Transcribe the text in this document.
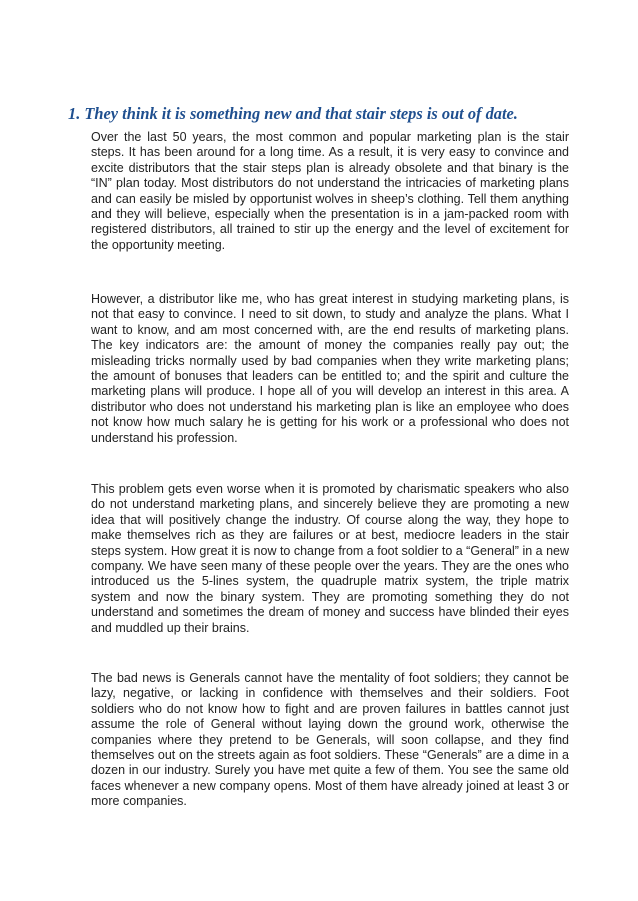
1. They think it is something new and that stair steps is out of date.

Over the last 50 years, the most common and popular marketing plan is the stair steps. It has been around for a long time. As a result, it is very easy to convince and excite distributors that the stair steps plan is already obsolete and that binary is the “IN” plan today. Most distributors do not understand the intricacies of marketing plans and can easily be misled by opportunist wolves in sheep’s clothing. Tell them anything and they will believe, especially when the presentation is in a jam-packed room with registered distributors, all trained to stir up the energy and the level of excitement for the opportunity meeting.

However, a distributor like me, who has great interest in studying marketing plans, is not that easy to convince. I need to sit down, to study and analyze the plans. What I want to know, and am most concerned with, are the end results of marketing plans. The key indicators are: the amount of money the companies really pay out; the misleading tricks normally used by bad companies when they write marketing plans; the amount of bonuses that leaders can be entitled to; and the spirit and culture the marketing plans will produce. I hope all of you will develop an interest in this area. A distributor who does not understand his marketing plan is like an employee who does not know how much salary he is getting for his work or a professional who does not understand his profession.

This problem gets even worse when it is promoted by charismatic speakers who also do not understand marketing plans, and sincerely believe they are promoting a new idea that will positively change the industry. Of course along the way, they hope to make themselves rich as they are failures or at best, mediocre leaders in the stair steps system. How great it is now to change from a foot soldier to a “General” in a new company. We have seen many of these people over the years. They are the ones who introduced us the 5-lines system, the quadruple matrix system, the triple matrix system and now the binary system. They are promoting something they do not understand and sometimes the dream of money and success have blinded their eyes and muddled up their brains.

The bad news is Generals cannot have the mentality of foot soldiers; they cannot be lazy, negative, or lacking in confidence with themselves and their soldiers. Foot soldiers who do not know how to fight and are proven failures in battles cannot just assume the role of General without laying down the ground work, otherwise the companies where they pretend to be Generals, will soon collapse, and they find themselves out on the streets again as foot soldiers. These “Generals” are a dime in a dozen in our industry. Surely you have met quite a few of them. You see the same old faces whenever a new company opens. Most of them have already joined at least 3 or more companies.
